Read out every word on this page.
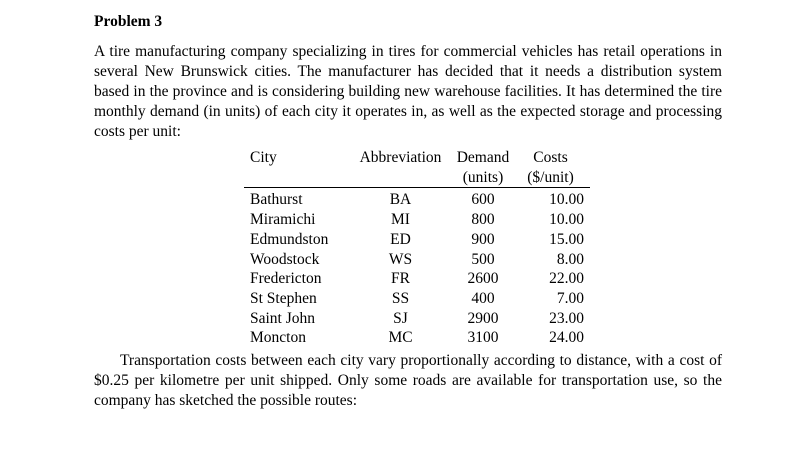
Problem 3

A tire manufacturing company specializing in tires for commercial vehicles has retail operations in several New Brunswick cities. The manufacturer has decided that it needs a distribution system based in the province and is considering building new warehouse facilities. It has determined the tire monthly demand (in units) of each city it operates in, as well as the expected storage and processing costs per unit:

City	Abbreviation	Demand	Costs
		(units)	($/unit)
Bathurst	BA	600	10.00
Miramichi	MI	800	10.00
Edmundston	ED	900	15.00
Woodstock	WS	500	8.00
Fredericton	FR	2600	22.00
St Stephen	SS	400	7.00
Saint John	SJ	2900	23.00
Moncton	MC	3100	24.00

Transportation costs between each city vary proportionally according to distance, with a cost of $0.25 per kilometre per unit shipped. Only some roads are available for transportation use, so the company has sketched the possible routes:
